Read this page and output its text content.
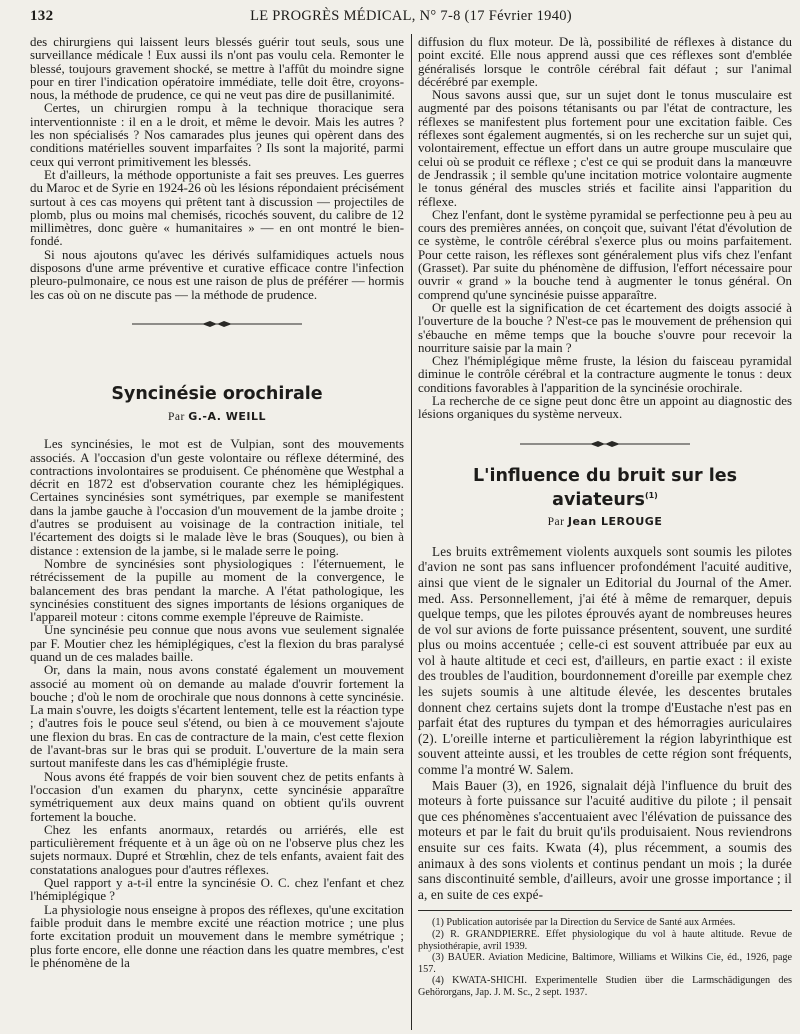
132	LE PROGRÈS MÉDICAL, N° 7-8 (17 Février 1940)

des chirurgiens qui laissent leurs blessés guérir tout seuls, sous une surveillance médicale ! Eux aussi ils n'ont pas voulu cela. Remonter le blessé, toujours gravement shocké, se mettre à l'affût du moindre signe pour en tirer l'indication opératoire immédiate, telle doit être, croyons-nous, la méthode de prudence, ce qui ne veut pas dire de pusillanimité.

Certes, un chirurgien rompu à la technique thoracique sera interventionniste : il en a le droit, et même le devoir. Mais les autres ? les non spécialisés ? Nos camarades plus jeunes qui opèrent dans des conditions matérielles souvent imparfaites ? Ils sont la majorité, parmi ceux qui verront primitivement les blessés.

Et d'ailleurs, la méthode opportuniste a fait ses preuves. Les guerres du Maroc et de Syrie en 1924-26 où les lésions répondaient précisément surtout à ces cas moyens qui prêtent tant à discussion — projectiles de plomb, plus ou moins mal chemisés, ricochés souvent, du calibre de 12 millimètres, donc guère « humanitaires » — en ont montré le bien-fondé.

Si nous ajoutons qu'avec les dérivés sulfamidiques actuels nous disposons d'une arme préventive et curative efficace contre l'infection pleuro-pulmonaire, ce nous est une raison de plus de préférer — hormis les cas où on ne discute pas — la méthode de prudence.

Syncinésie orochirale
Par G.-A. WEILL

Les syncinésies, le mot est de Vulpian, sont des mouvements associés. A l'occasion d'un geste volontaire ou réflexe déterminé, des contractions involontaires se produisent. Ce phénomène que Westphal a décrit en 1872 est d'observation courante chez les hémiplégiques. Certaines syncinésies sont symétriques, par exemple se manifestent dans la jambe gauche à l'occasion d'un mouvement de la jambe droite ; d'autres se produisent au voisinage de la contraction initiale, tel l'écartement des doigts si le malade lève le bras (Souques), ou bien à distance : extension de la jambe, si le malade serre le poing.

Nombre de syncinésies sont physiologiques : l'éternuement, le rétrécissement de la pupille au moment de la convergence, le balancement des bras pendant la marche. A l'état pathologique, les syncinésies constituent des signes importants de lésions organiques de l'appareil moteur : citons comme exemple l'épreuve de Raimiste.

Une syncinésie peu connue que nous avons vue seulement signalée par F. Moutier chez les hémiplégiques, c'est la flexion du bras paralysé quand un de ces malades baille.

Or, dans la main, nous avons constaté également un mouvement associé au moment où on demande au malade d'ouvrir fortement la bouche ; d'où le nom de orochirale que nous donnons à cette syncinésie. La main s'ouvre, les doigts s'écartent lentement, telle est la réaction type ; d'autres fois le pouce seul s'étend, ou bien à ce mouvement s'ajoute une flexion du bras. En cas de contracture de la main, c'est cette flexion de l'avant-bras sur le bras qui se produit. L'ouverture de la main sera surtout manifeste dans les cas d'hémiplégie fruste.

Nous avons été frappés de voir bien souvent chez de petits enfants à l'occasion d'un examen du pharynx, cette syncinésie apparaître symétriquement aux deux mains quand on obtient qu'ils ouvrent fortement la bouche.

Chez les enfants anormaux, retardés ou arriérés, elle est particulièrement fréquente et à un âge où on ne l'observe plus chez les sujets normaux. Dupré et Strœhlin, chez de tels enfants, avaient fait des constatations analogues pour d'autres réflexes.

Quel rapport y a-t-il entre la syncinésie O. C. chez l'enfant et chez l'hémiplégique ?

La physiologie nous enseigne à propos des réflexes, qu'une excitation faible produit dans le membre excité une réaction motrice ; une plus forte excitation produit un mouvement dans le membre symétrique ; plus forte encore, elle donne une réaction dans les quatre membres, c'est le phénomène de la

diffusion du flux moteur. De là, possibilité de réflexes à distance du point excité. Elle nous apprend aussi que ces réflexes sont d'emblée généralisés lorsque le contrôle cérébral fait défaut ; sur l'animal décérébré par exemple.

Nous savons aussi que, sur un sujet dont le tonus musculaire est augmenté par des poisons tétanisants ou par l'état de contracture, les réflexes se manifestent plus fortement pour une excitation faible. Ces réflexes sont également augmentés, si on les recherche sur un sujet qui, volontairement, effectue un effort dans un autre groupe musculaire que celui où se produit ce réflexe ; c'est ce qui se produit dans la manœuvre de Jendrassik ; il semble qu'une incitation motrice volontaire augmente le tonus général des muscles striés et facilite ainsi l'apparition du réflexe.

Chez l'enfant, dont le système pyramidal se perfectionne peu à peu au cours des premières années, on conçoit que, suivant l'état d'évolution de ce système, le contrôle cérébral s'exerce plus ou moins parfaitement. Pour cette raison, les réflexes sont généralement plus vifs chez l'enfant (Grasset). Par suite du phénomène de diffusion, l'effort nécessaire pour ouvrir « grand » la bouche tend à augmenter le tonus général. On comprend qu'une syncinésie puisse apparaître.

Or quelle est la signification de cet écartement des doigts associé à l'ouverture de la bouche ? N'est-ce pas le mouvement de préhension qui s'ébauche en même temps que la bouche s'ouvre pour recevoir la nourriture saisie par la main ?

Chez l'hémiplégique même fruste, la lésion du faisceau pyramidal diminue le contrôle cérébral et la contracture augmente le tonus : deux conditions favorables à l'apparition de la syncinésie orochirale.

La recherche de ce signe peut donc être un appoint au diagnostic des lésions organiques du système nerveux.

L'influence du bruit sur les aviateurs$^{(1)}$
Par Jean LEROUGE

Les bruits extrêmement violents auxquels sont soumis les pilotes d'avion ne sont pas sans influencer profondément l'acuité auditive, ainsi que vient de le signaler un Editorial du Journal of the Amer. med. Ass. Personnellement, j'ai été à même de remarquer, depuis quelque temps, que les pilotes éprouvés ayant de nombreuses heures de vol sur avions de forte puissance présentent, souvent, une surdité plus ou moins accentuée ; celle-ci est souvent attribuée par eux au vol à haute altitude et ceci est, d'ailleurs, en partie exact : il existe des troubles de l'audition, bourdonnement d'oreille par exemple chez les sujets soumis à une altitude élevée, les descentes brutales donnent chez certains sujets dont la trompe d'Eustache n'est pas en parfait état des ruptures du tympan et des hémorragies auriculaires (2). L'oreille interne et particulièrement la région labyrinthique est souvent atteinte aussi, et les troubles de cette région sont fréquents, comme l'a montré W. Salem.

Mais Bauer (3), en 1926, signalait déjà l'influence du bruit des moteurs à forte puissance sur l'acuité auditive du pilote ; il pensait que ces phénomènes s'accentuaient avec l'élévation de puissance des moteurs et par le fait du bruit qu'ils produisaient. Nous reviendrons ensuite sur ces faits. Kwata (4), plus récemment, a soumis des animaux à des sons violents et continus pendant un mois ; la durée sans discontinuité semble, d'ailleurs, avoir une grosse importance ; il a, en suite de ces expé-

(1) Publication autorisée par la Direction du Service de Santé aux Armées.

(2) R. GRANDPIERRE. Effet physiologique du vol à haute altitude. Revue de physiothérapie, avril 1939.

(3) BAUER. Aviation Medicine, Baltimore, Williams et Wilkins Cie, éd., 1926, page 157.

(4) KWATA-SHICHI. Experimentelle Studien über die Larmschädigungen des Gehörorgans, Jap. J. M. Sc., 2 sept. 1937.
